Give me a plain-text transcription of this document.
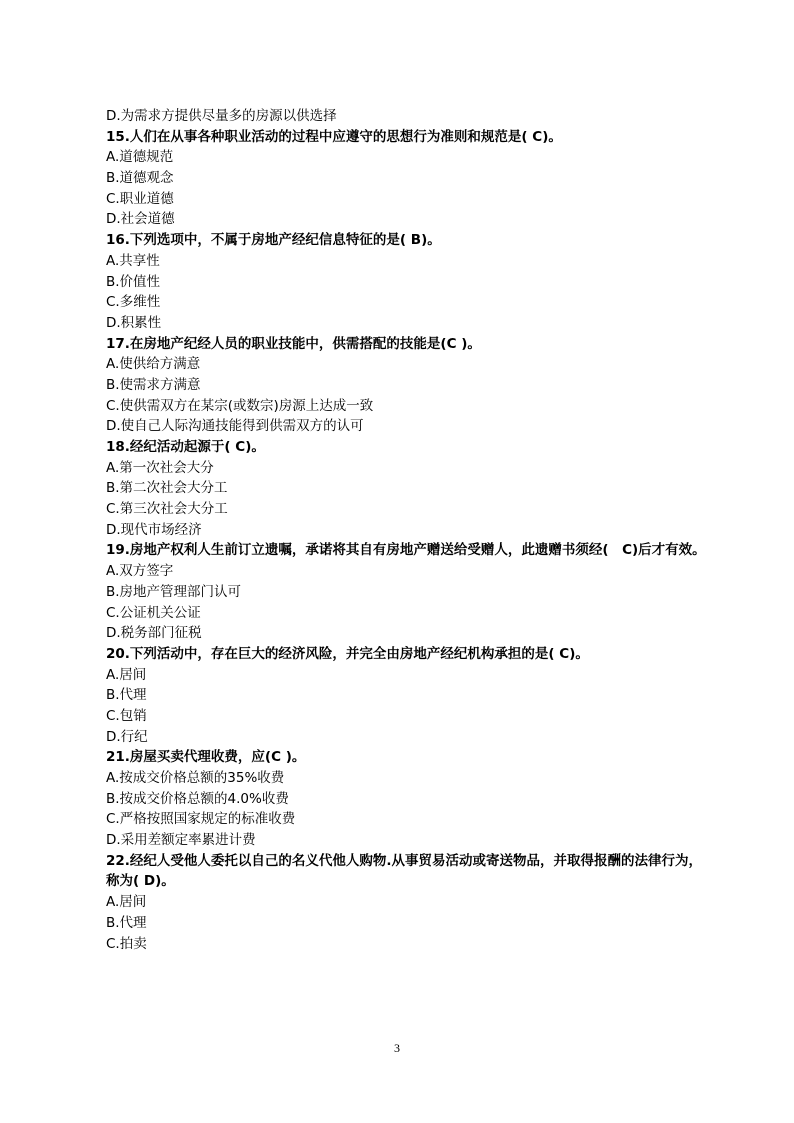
D.为需求方提供尽量多的房源以供选择
15.人们在从事各种职业活动的过程中应遵守的思想行为准则和规范是( C)。
A.道德规范
B.道德观念
C.职业道德
D.社会道德
16.下列选项中，不属于房地产经纪信息特征的是( B)。
A.共享性
B.价值性
C.多维性
D.积累性
17.在房地产纪经人员的职业技能中，供需搭配的技能是(C )。
A.使供给方满意
B.使需求方满意
C.使供需双方在某宗(或数宗)房源上达成一致
D.使自己人际沟通技能得到供需双方的认可
18.经纪活动起源于( C)。
A.第一次社会大分
B.第二次社会大分工
C.第三次社会大分工
D.现代市场经济
19.房地产权利人生前订立遗嘱，承诺将其自有房地产赠送给受赠人，此遗赠书须经(　C)后才有效。
A.双方签字
B.房地产管理部门认可
C.公证机关公证
D.税务部门征税
20.下列活动中，存在巨大的经济风险，并完全由房地产经纪机构承担的是( C)。
A.居间
B.代理
C.包销
D.行纪
21.房屋买卖代理收费，应(C )。
A.按成交价格总额的35%收费
B.按成交价格总额的4.0%收费
C.严格按照国家规定的标准收费
D.采用差额定率累进计费
22.经纪人受他人委托以自己的名义代他人购物.从事贸易活动或寄送物品，并取得报酬的法律行为，称为( D)。
A.居间
B.代理
C.拍卖
3
